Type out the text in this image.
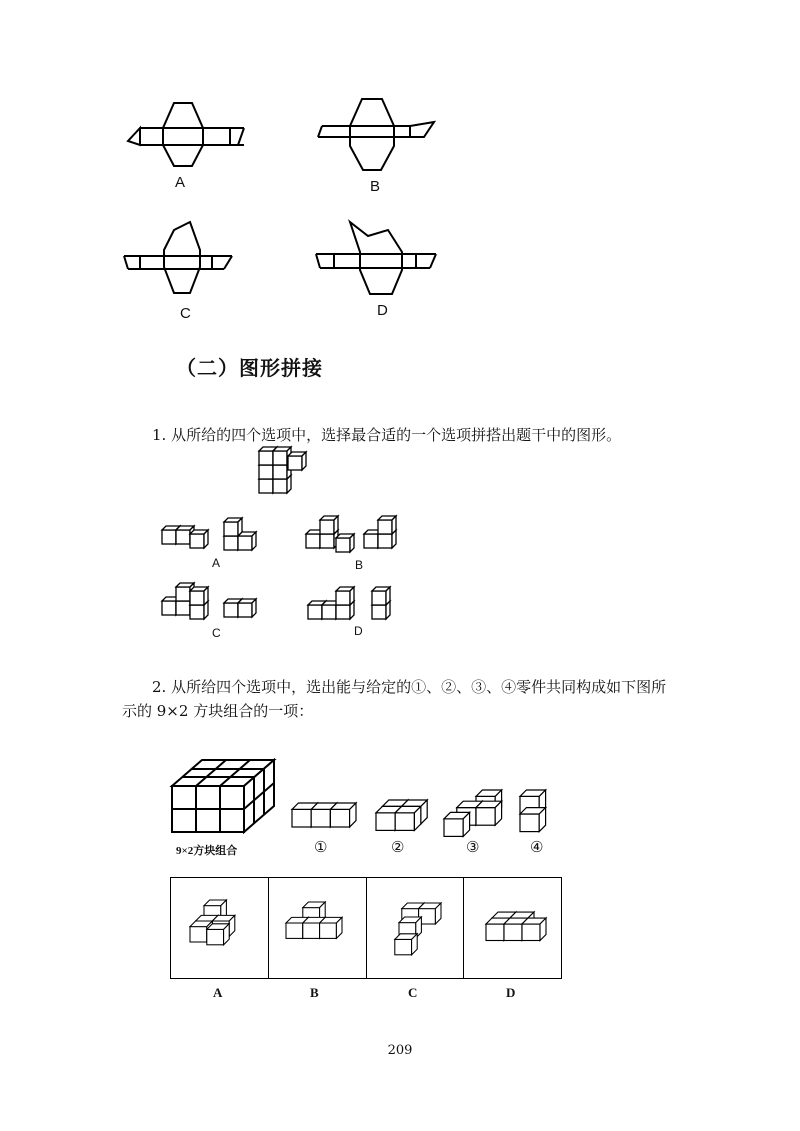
A	B
C	D
（二）图形拼接
1. 从所给的四个选项中，选择最合适的一个选项拼搭出题干中的图形。
A	B
C	D
2. 从所给四个选项中，选出能与给定的①、②、③、④零件共同构成如下图所
示的 9×2 方块组合的一项：
9×2方块组合	①	②	③	④
A	B	C	D
209
